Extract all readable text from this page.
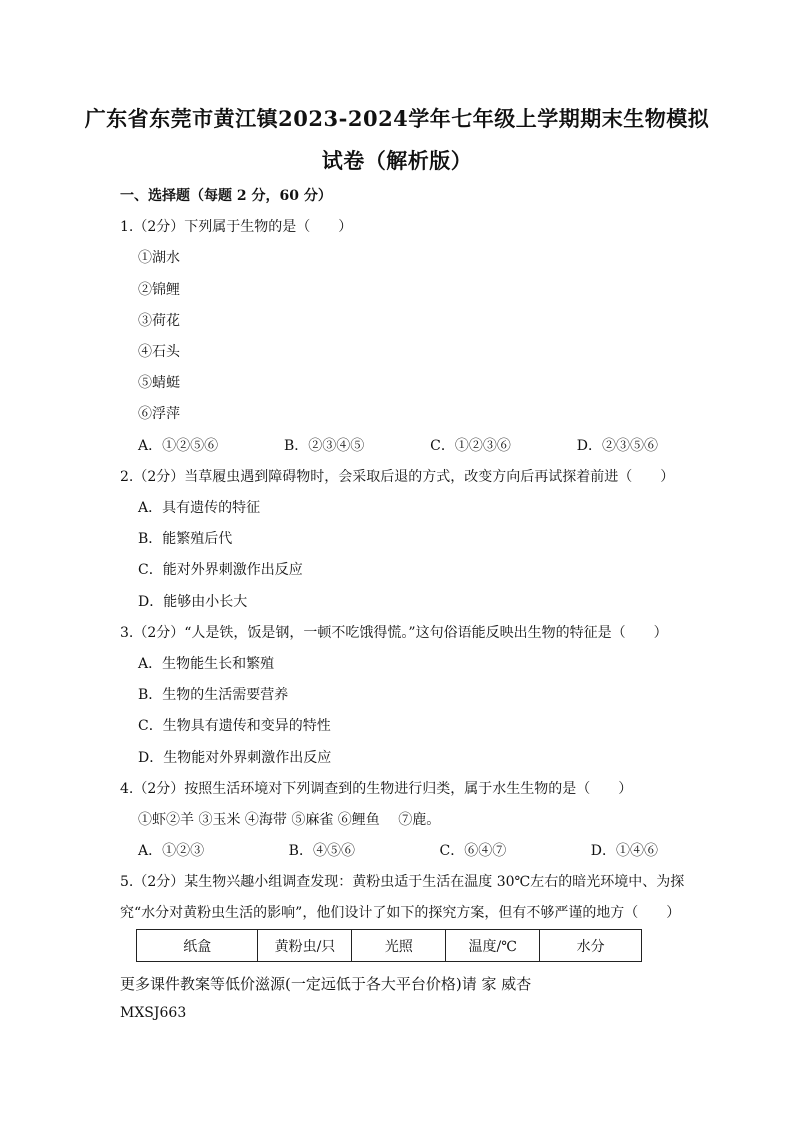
广东省东莞市黄江镇2023-2024学年七年级上学期期末生物模拟
试卷（解析版）
一、选择题（每题 2 分，60 分）
1.（2分）下列属于生物的是（　　）
①湖水
②锦鲤
③荷花
④石头
⑤蜻蜓
⑥浮萍
A．①②⑤⑥	B．②③④⑤	C．①②③⑥	D．②③⑤⑥
2.（2分）当草履虫遇到障碍物时，会采取后退的方式，改变方向后再试探着前进（　　）
A．具有遗传的特征
B．能繁殖后代
C．能对外界刺激作出反应
D．能够由小长大
3.（2分）“人是铁，饭是钢，一顿不吃饿得慌。”这句俗语能反映出生物的特征是（　　）
A．生物能生长和繁殖
B．生物的生活需要营养
C．生物具有遗传和变异的特性
D．生物能对外界刺激作出反应
4.（2分）按照生活环境对下列调查到的生物进行归类，属于水生生物的是（　　）
①虾②羊 ③玉米 ④海带 ⑤麻雀 ⑥鲤鱼　 ⑦鹿。
A．①②③	B．④⑤⑥	C．⑥④⑦	D．①④⑥
5.（2分）某生物兴趣小组调查发现：黄粉虫适于生活在温度 30℃左右的暗光环境中、为探
究“水分对黄粉虫生活的影响”，他们设计了如下的探究方案，但有不够严谨的地方（　　）
纸盒	黄粉虫/只	光照	温度/℃	水分
更多课件教案等低价滋源(一定远低于各大平台价格)请 家 威杏
MXSJ663
